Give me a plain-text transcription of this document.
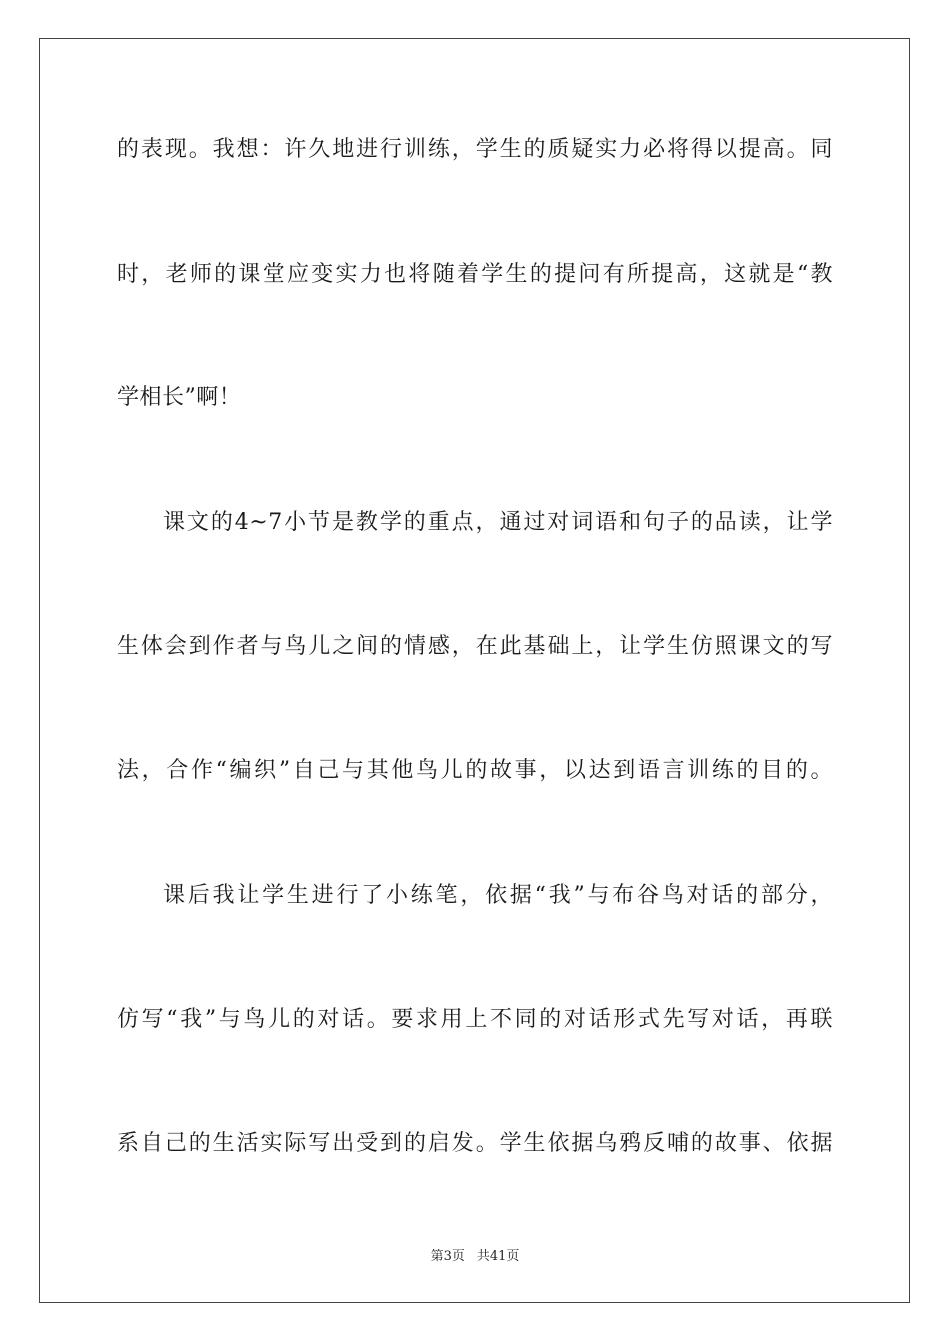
的表现。我想：许久地进行训练，学生的质疑实力必将得以提高。同
时，老师的课堂应变实力也将随着学生的提问有所提高，这就是“教
学相长”啊！
课文的4~7小节是教学的重点，通过对词语和句子的品读，让学
生体会到作者与鸟儿之间的情感，在此基础上，让学生仿照课文的写
法，合作“编织”自己与其他鸟儿的故事，以达到语言训练的目的。
课后我让学生进行了小练笔，依据“我”与布谷鸟对话的部分，
仿写“我”与鸟儿的对话。要求用上不同的对话形式先写对话，再联
系自己的生活实际写出受到的启发。学生依据乌鸦反哺的故事、依据
第3页 共41页
